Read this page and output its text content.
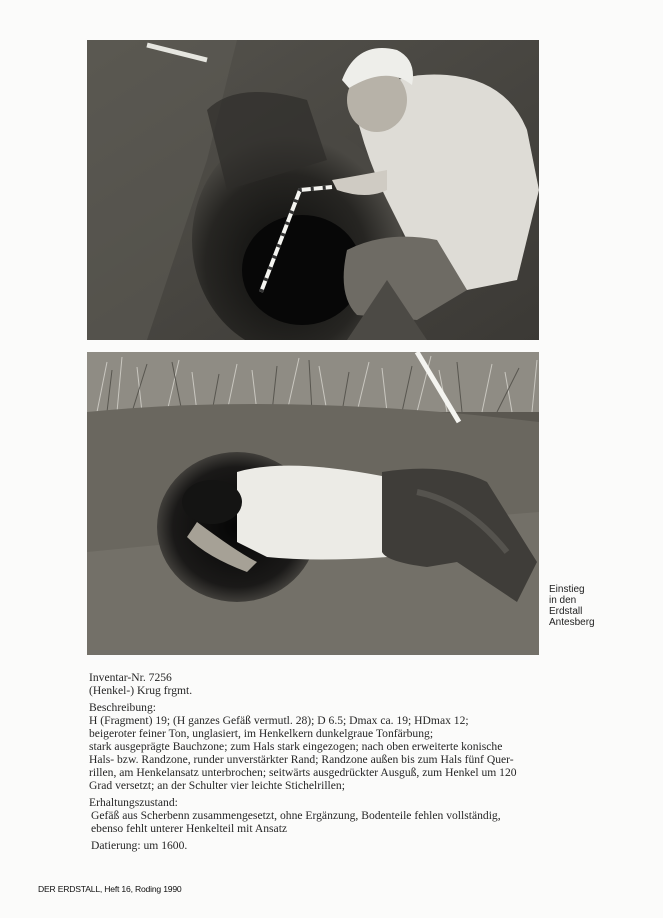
Einstieg
in den
Erdstall
Antesberg
Inventar-Nr. 7256
(Henkel-) Krug frgmt.
Beschreibung:
H (Fragment) 19; (H ganzes Gefäß vermutl. 28); D 6.5; Dmax ca. 19; HDmax 12;
beigeroter feiner Ton, unglasiert, im Henkelkern dunkelgraue Tonfärbung;
stark ausgeprägte Bauchzone; zum Hals stark eingezogen; nach oben erweiterte konische
Hals- bzw. Randzone, runder unverstärkter Rand; Randzone außen bis zum Hals fünf Quer-
rillen, am Henkelansatz unterbrochen; seitwärts ausgedrückter Ausguß, zum Henkel um 120
Grad versetzt; an der Schulter vier leichte Stichelrillen;
Erhaltungszustand:
Gefäß aus Scherbenn zusammengesetzt, ohne Ergänzung, Bodenteile fehlen vollständig,
ebenso fehlt unterer Henkelteil mit Ansatz
Datierung: um 1600.
DER ERDSTALL, Heft 16, Roding 1990
